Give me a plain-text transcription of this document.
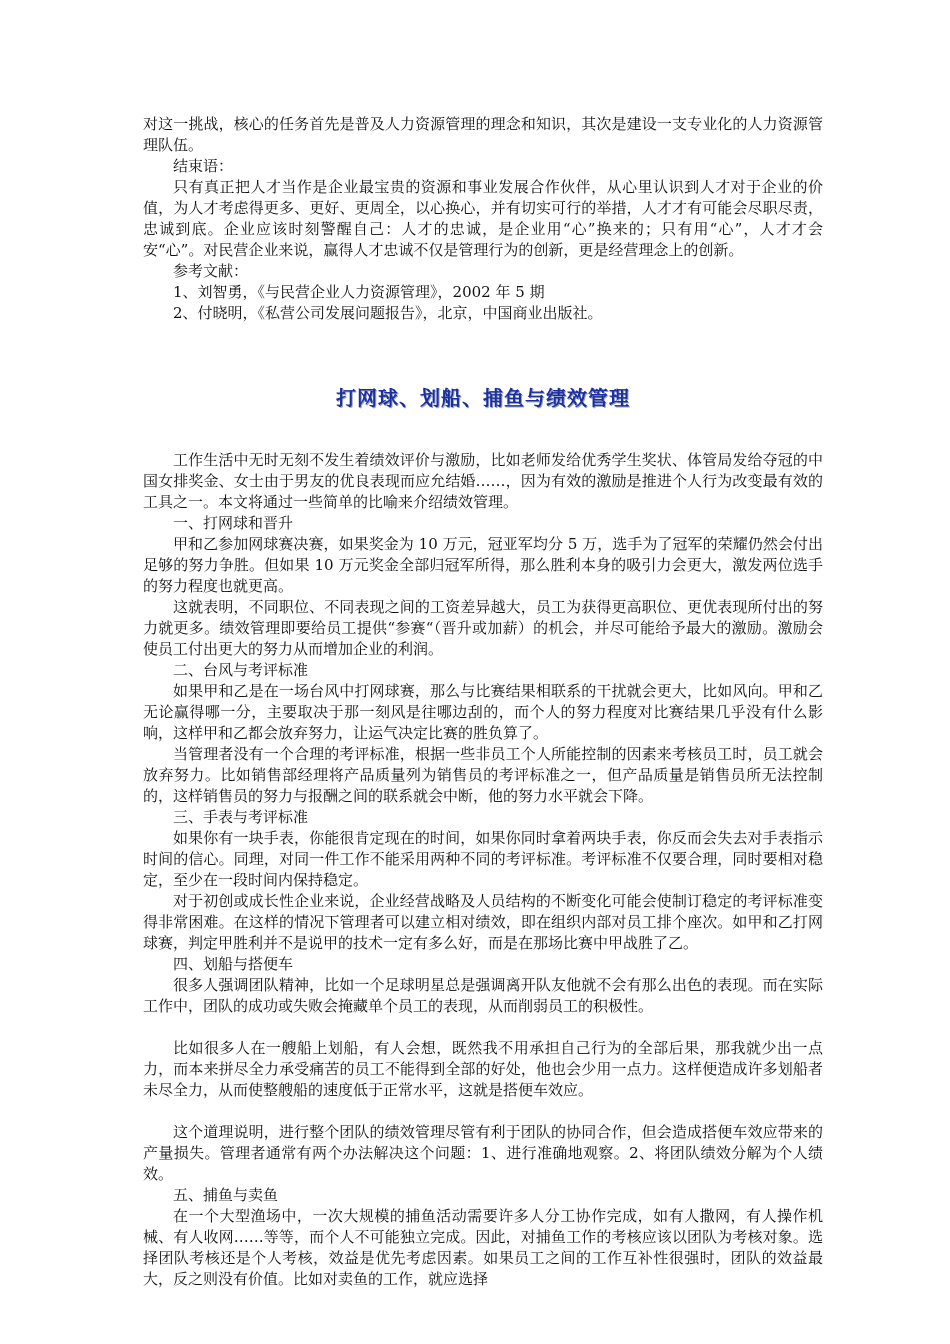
对这一挑战，核心的任务首先是普及人力资源管理的理念和知识，其次是建设一支专业化的人力资源管理队伍。

结束语：

只有真正把人才当作是企业最宝贵的资源和事业发展合作伙伴，从心里认识到人才对于企业的价值，为人才考虑得更多、更好、更周全，以心换心，并有切实可行的举措，人才才有可能会尽职尽责，忠诚到底。企业应该时刻警醒自己：人才的忠诚，是企业用“心”换来的；只有用“心”，人才才会安“心”。对民营企业来说，赢得人才忠诚不仅是管理行为的创新，更是经营理念上的创新。

参考文献：

1、刘智勇，《与民营企业人力资源管理》，2002 年 5 期

2、付晓明，《私营公司发展问题报告》，北京，中国商业出版社。

打网球、划船、捕鱼与绩效管理

工作生活中无时无刻不发生着绩效评价与激励，比如老师发给优秀学生奖状、体管局发给夺冠的中国女排奖金、女士由于男友的优良表现而应允结婚……，因为有效的激励是推进个人行为改变最有效的工具之一。本文将通过一些简单的比喻来介绍绩效管理。

一、打网球和晋升

甲和乙参加网球赛决赛，如果奖金为 10 万元，冠亚军均分 5 万，选手为了冠军的荣耀仍然会付出足够的努力争胜。但如果 10 万元奖金全部归冠军所得，那么胜利本身的吸引力会更大，激发两位选手的努力程度也就更高。

这就表明，不同职位、不同表现之间的工资差异越大，员工为获得更高职位、更优表现所付出的努力就更多。绩效管理即要给员工提供“参赛“（晋升或加薪）的机会，并尽可能给予最大的激励。激励会使员工付出更大的努力从而增加企业的利润。

二、台风与考评标准

如果甲和乙是在一场台风中打网球赛，那么与比赛结果相联系的干扰就会更大，比如风向。甲和乙无论赢得哪一分，主要取决于那一刻风是往哪边刮的，而个人的努力程度对比赛结果几乎没有什么影响，这样甲和乙都会放弃努力，让运气决定比赛的胜负算了。

当管理者没有一个合理的考评标准，根据一些非员工个人所能控制的因素来考核员工时，员工就会放弃努力。比如销售部经理将产品质量列为销售员的考评标准之一，但产品质量是销售员所无法控制的，这样销售员的努力与报酬之间的联系就会中断，他的努力水平就会下降。

三、手表与考评标准

如果你有一块手表，你能很肯定现在的时间，如果你同时拿着两块手表，你反而会失去对手表指示时间的信心。同理，对同一件工作不能采用两种不同的考评标准。考评标准不仅要合理，同时要相对稳定，至少在一段时间内保持稳定。

对于初创或成长性企业来说，企业经营战略及人员结构的不断变化可能会使制订稳定的考评标准变得非常困难。在这样的情况下管理者可以建立相对绩效，即在组织内部对员工排个座次。如甲和乙打网球赛，判定甲胜利并不是说甲的技术一定有多么好，而是在那场比赛中甲战胜了乙。

四、划船与搭便车

很多人强调团队精神，比如一个足球明星总是强调离开队友他就不会有那么出色的表现。而在实际工作中，团队的成功或失败会掩藏单个员工的表现，从而削弱员工的积极性。

比如很多人在一艘船上划船，有人会想，既然我不用承担自己行为的全部后果，那我就少出一点力，而本来拼尽全力承受痛苦的员工不能得到全部的好处，他也会少用一点力。这样便造成许多划船者未尽全力，从而使整艘船的速度低于正常水平，这就是搭便车效应。

这个道理说明，进行整个团队的绩效管理尽管有利于团队的协同合作，但会造成搭便车效应带来的产量损失。管理者通常有两个办法解决这个问题：1、进行准确地观察。2、将团队绩效分解为个人绩效。

五、捕鱼与卖鱼

在一个大型渔场中，一次大规模的捕鱼活动需要许多人分工协作完成，如有人撒网，有人操作机械、有人收网……等等，而个人不可能独立完成。因此，对捕鱼工作的考核应该以团队为考核对象。选择团队考核还是个人考核，效益是优先考虑因素。如果员工之间的工作互补性很强时，团队的效益最大，反之则没有价值。比如对卖鱼的工作，就应选择
